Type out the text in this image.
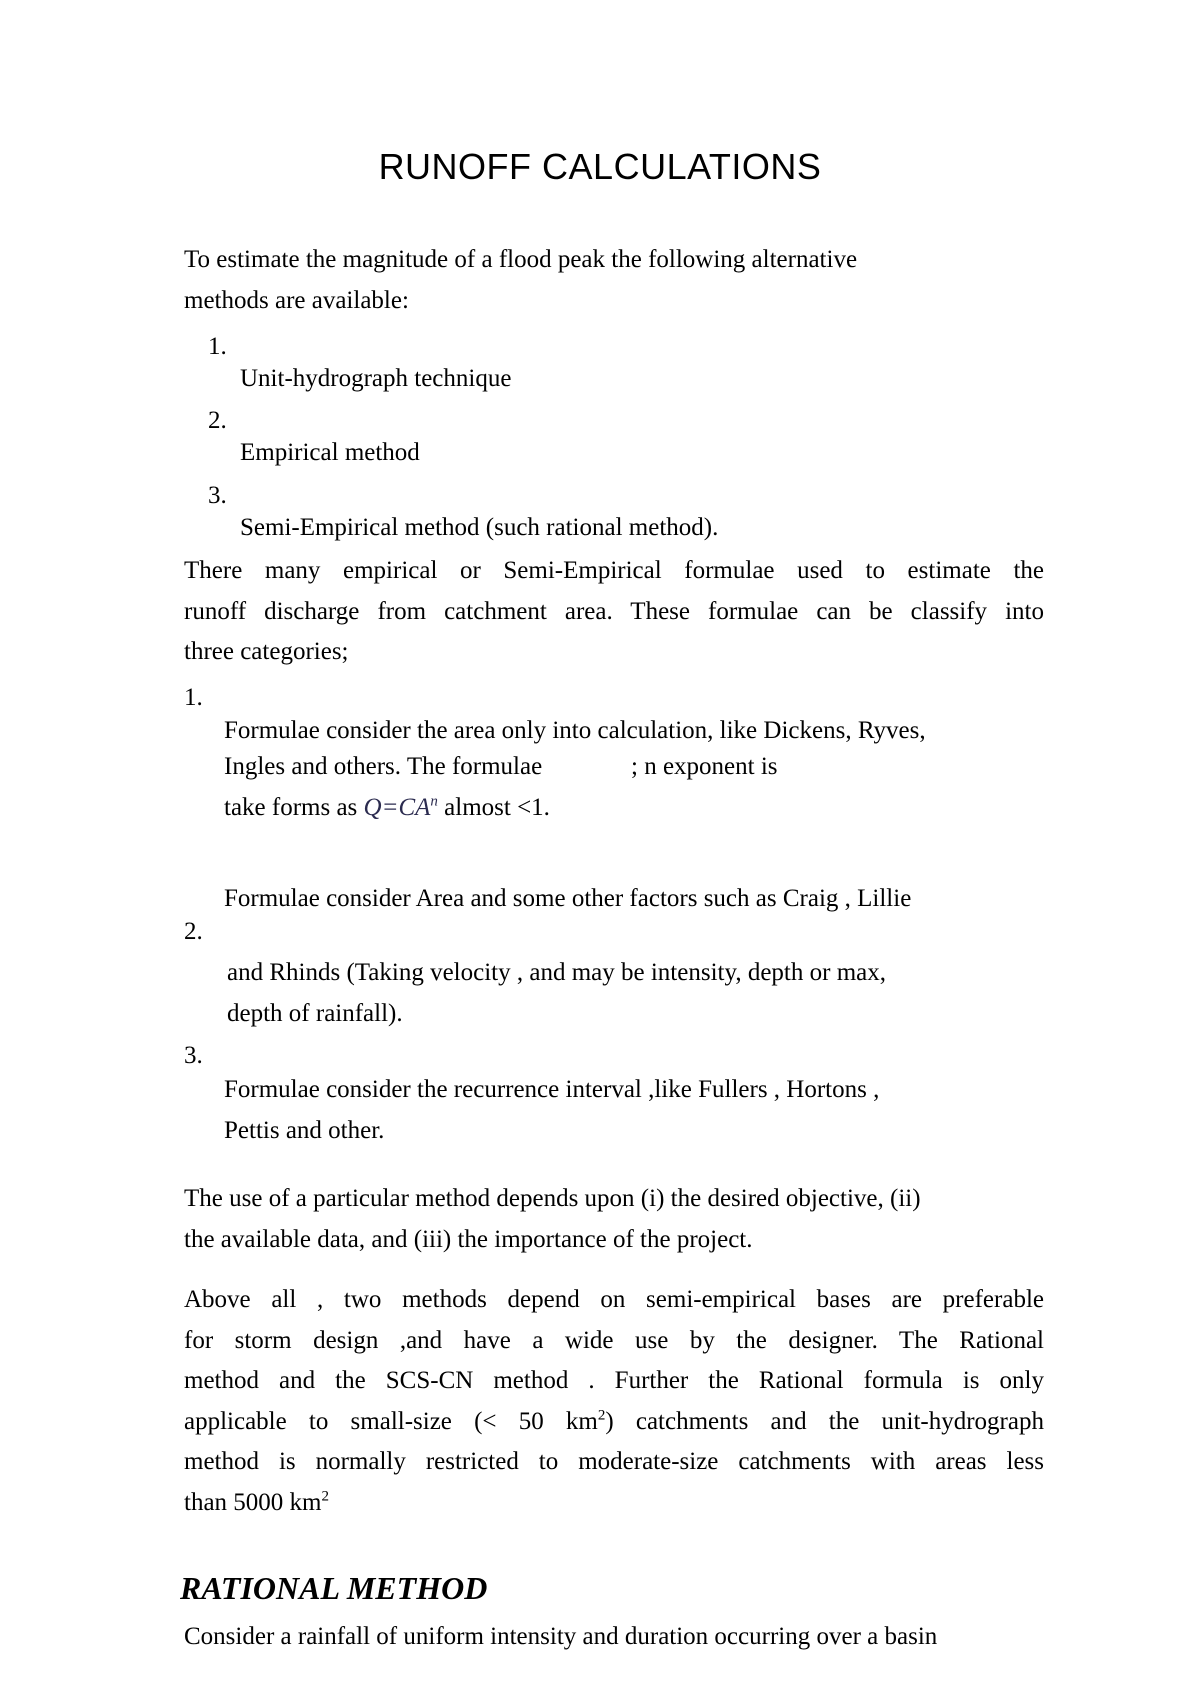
RUNOFF CALCULATIONS
To estimate the magnitude of a flood peak the following alternative
methods are available:
1.
Unit-hydrograph technique
2.
Empirical method
3.
Semi-Empirical method (such rational method).
There many empirical or Semi-Empirical formulae used to estimate the
runoff discharge from catchment area. These formulae can be classify into
three categories;
1.
Formulae consider the area only into calculation, like Dickens, Ryves,
Ingles and others. The formulae	; n exponent is
take forms as $Q=CA^n$ almost <1.
Formulae consider Area and some other factors such as Craig , Lillie
2.
and Rhinds (Taking velocity , and may be intensity, depth or max,
depth of rainfall).
3.
Formulae consider the recurrence interval ,like Fullers , Hortons ,
Pettis and other.
The use of a particular method depends upon (i) the desired objective, (ii)
the available data, and (iii) the importance of the project.
Above all , two methods depend on semi-empirical bases are preferable
for storm design ,and have a wide use by the designer. The Rational
method and the SCS-CN method . Further the Rational formula is only
applicable to small-size (< 50 $km^2$) catchments and the unit-hydrograph
method is normally restricted to moderate-size catchments with areas less
than 5000 $km^2$
RATIONAL METHOD
Consider a rainfall of uniform intensity and duration occurring over a basin
